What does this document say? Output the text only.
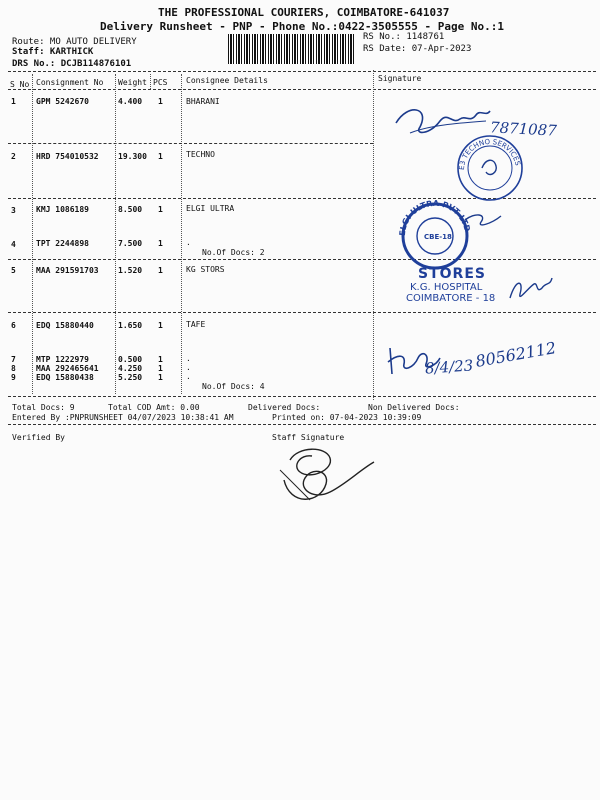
THE PROFESSIONAL COURIERS, COIMBATORE-641037
Delivery Runsheet - PNP - Phone No.:0422-3505555 - Page No.:1
Route: MO AUTO DELIVERY
Staff: KARTHICK
DRS No.: DCJB114876101
RS No.: 1148761
RS Date: 07-Apr-2023
S No Consignment No Weight PCS Consignee Details	Signature
1	GPM 5242670	4.400 1	BHARANI
2	HRD 754010532 19.300 1	TECHNO
3	KMJ 1086189	8.500 1	ELGI ULTRA
4	TPT 2244898	7.500 1	.
No.Of Docs: 2
5	MAA 291591703 1.520 1	KG STORS
6	EDQ 15880440	1.650 1	TAFE
7	MTP 1222979	0.500 1	.
8	MAA 292465641 4.250 1	.
9	EDQ 15880438	5.250 1	.
No.Of Docs: 4
Total Docs: 9	Total COD Amt: 0.00	Delivered Docs:	Non Delivered Docs:
Entered By :PNPRUNSHEET 04/07/2023 10:38:41 AM	Printed on: 07-04-2023 10:39:09
Verified By	Staff Signature
7871087
E3 TECHNO SERVICES
ELGI ULTRA PVT LTD
CBE-18
STORES
K.G. HOSPITAL
COIMBATORE - 18
8/4/23 80562112
